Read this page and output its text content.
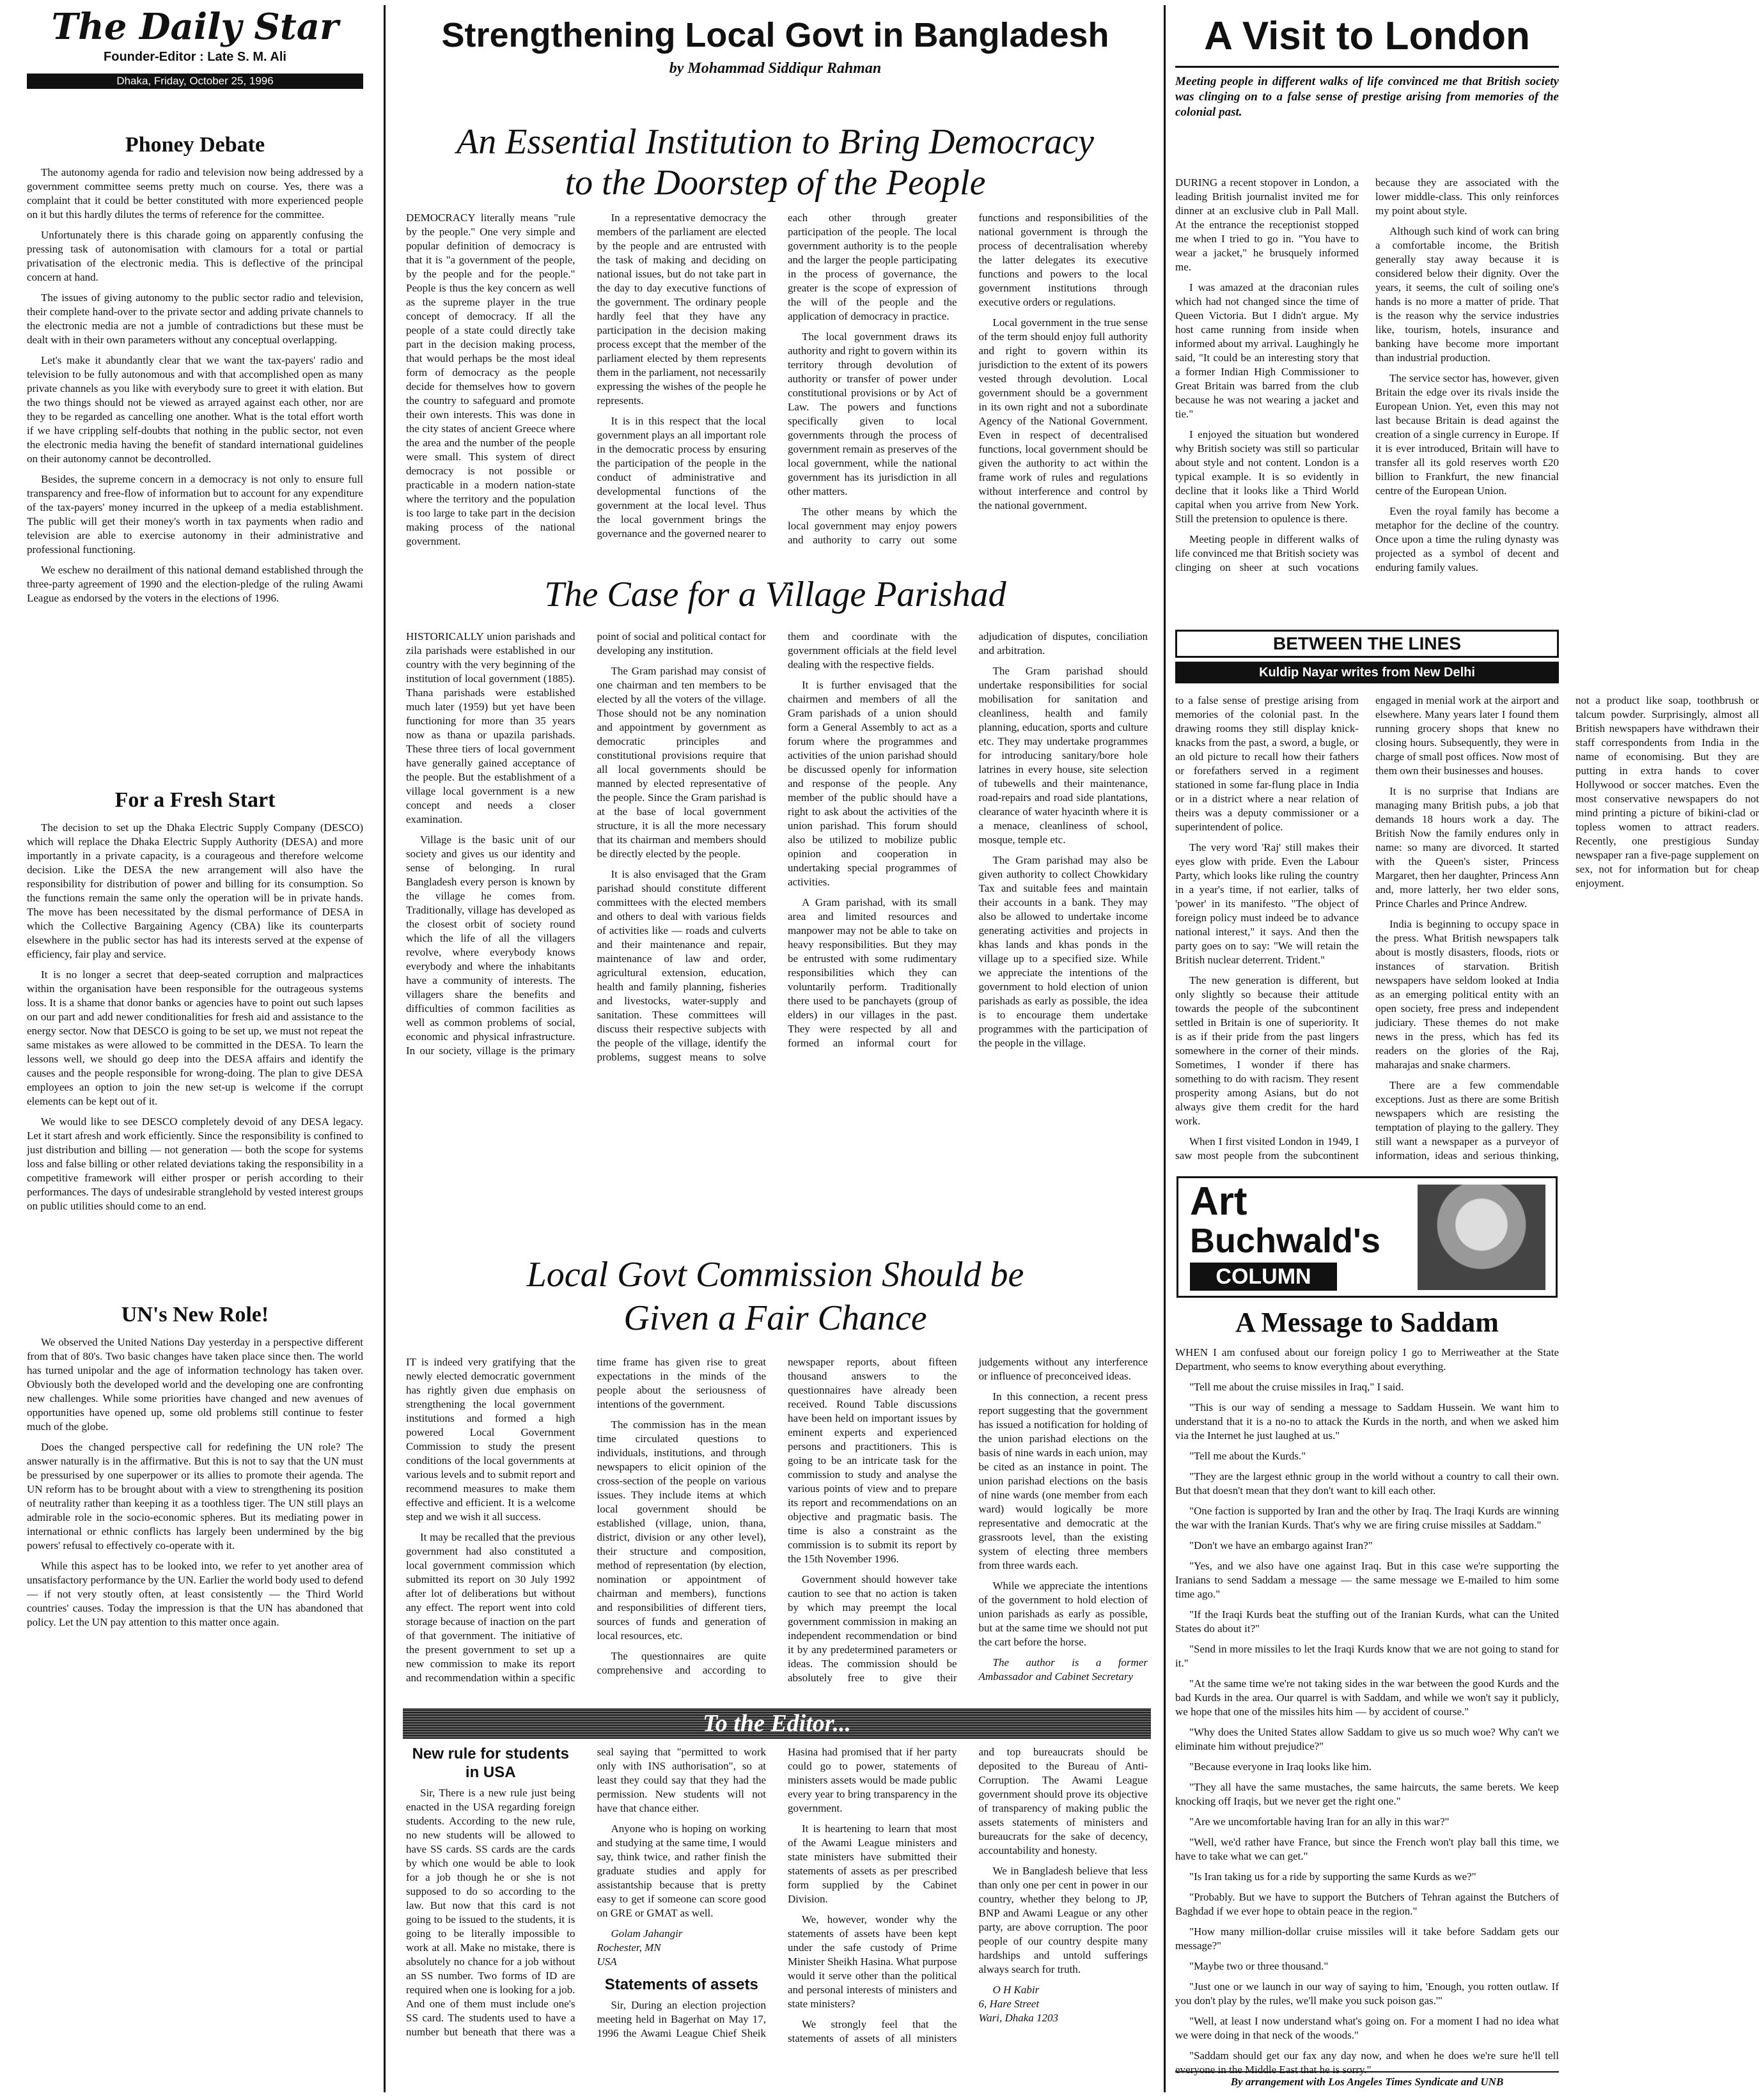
The Daily Star
Founder-Editor : Late S. M. Ali
Dhaka, Friday, October 25, 1996
Phoney Debate

The autonomy agenda for radio and television now being addressed by a government committee seems pretty much on course. Yes, there was a complaint that it could be better constituted with more experienced people on it but this hardly dilutes the terms of reference for the committee.

Unfortunately there is this charade going on apparently confusing the pressing task of autonomisation with clamours for a total or partial privatisation of the electronic media. This is deflective of the principal concern at hand.

The issues of giving autonomy to the public sector radio and television, their complete hand-over to the private sector and adding private channels to the electronic media are not a jumble of contradictions but these must be dealt with in their own parameters without any conceptual overlapping.

Let's make it abundantly clear that we want the tax-payers' radio and television to be fully autonomous and with that accomplished open as many private channels as you like with everybody sure to greet it with elation. But the two things should not be viewed as arrayed against each other, nor are they to be regarded as cancelling one another. What is the total effort worth if we have crippling self-doubts that nothing in the public sector, not even the electronic media having the benefit of standard international guidelines on their autonomy cannot be decontrolled.

Besides, the supreme concern in a democracy is not only to ensure full transparency and free-flow of information but to account for any expenditure of the tax-payers' money incurred in the upkeep of a media establishment. The public will get their money's worth in tax payments when radio and television are able to exercise autonomy in their administrative and professional functioning.

We eschew no derailment of this national demand established through the three-party agreement of 1990 and the election-pledge of the ruling Awami League as endorsed by the voters in the elections of 1996.

For a Fresh Start

The decision to set up the Dhaka Electric Supply Company (DESCO) which will replace the Dhaka Electric Supply Authority (DESA) and more importantly in a private capacity, is a courageous and therefore welcome decision. Like the DESA the new arrangement will also have the responsibility for distribution of power and billing for its consumption. So the functions remain the same only the operation will be in private hands. The move has been necessitated by the dismal performance of DESA in which the Collective Bargaining Agency (CBA) like its counterparts elsewhere in the public sector has had its interests served at the expense of efficiency, fair play and service.

It is no longer a secret that deep-seated corruption and malpractices within the organisation have been responsible for the outrageous systems loss. It is a shame that donor banks or agencies have to point out such lapses on our part and add newer conditionalities for fresh aid and assistance to the energy sector. Now that DESCO is going to be set up, we must not repeat the same mistakes as were allowed to be committed in the DESA. To learn the lessons well, we should go deep into the DESA affairs and identify the causes and the people responsible for wrong-doing. The plan to give DESA employees an option to join the new set-up is welcome if the corrupt elements can be kept out of it.

We would like to see DESCO completely devoid of any DESA legacy. Let it start afresh and work efficiently. Since the responsibility is confined to just distribution and billing — not generation — both the scope for systems loss and false billing or other related deviations taking the responsibility in a competitive framework will either prosper or perish according to their performances. The days of undesirable stranglehold by vested interest groups on public utilities should come to an end.

UN's New Role!

We observed the United Nations Day yesterday in a perspective different from that of 80's. Two basic changes have taken place since then. The world has turned unipolar and the age of information technology has taken over. Obviously both the developed world and the developing one are confronting new challenges. While some priorities have changed and new avenues of opportunities have opened up, some old problems still continue to fester much of the globe.

Does the changed perspective call for redefining the UN role? The answer naturally is in the affirmative. But this is not to say that the UN must be pressurised by one superpower or its allies to promote their agenda. The UN reform has to be brought about with a view to strengthening its position of neutrality rather than keeping it as a toothless tiger. The UN still plays an admirable role in the socio-economic spheres. But its mediating power in international or ethnic conflicts has largely been undermined by the big powers' refusal to effectively co-operate with it.

While this aspect has to be looked into, we refer to yet another area of unsatisfactory performance by the UN. Earlier the world body used to defend — if not very stoutly often, at least consistently — the Third World countries' causes. Today the impression is that the UN has abandoned that policy. Let the UN pay attention to this matter once again.

Strengthening Local Govt in Bangladesh
by Mohammad Siddiqur Rahman
An Essential Institution to Bring Democracy
to the Doorstep of the People

DEMOCRACY literally means "rule by the people." One very simple and popular definition of democracy is that it is "a government of the people, by the people and for the people." People is thus the key concern as well as the supreme player in the true concept of democracy. If all the people of a state could directly take part in the decision making process, that would perhaps be the most ideal form of democracy as the people decide for themselves how to govern the country to safeguard and promote their own interests. This was done in the city states of ancient Greece where the area and the number of the people were small. This system of direct democracy is not possible or practicable in a modern nation-state where the territory and the population is too large to take part in the decision making process of the national government.

In a representative democracy the members of the parliament are elected by the people and are entrusted with the task of making and deciding on national issues, but do not take part in the day to day executive functions of the government. The ordinary people hardly feel that they have any participation in the decision making process except that the member of the parliament elected by them represents them in the parliament, not necessarily expressing the wishes of the people he represents.

It is in this respect that the local government plays an all important role in the democratic process by ensuring the participation of the people in the conduct of administrative and developmental functions of the government at the local level. Thus the local government brings the governance and the governed nearer to each other through greater participation of the people. The local government authority is to the people and the larger the people participating in the process of governance, the greater is the scope of expression of the will of the people and the application of democracy in practice.

The local government draws its authority and right to govern within its territory through devolution of authority or transfer of power under constitutional provisions or by Act of Law. The powers and functions specifically given to local governments through the process of government remain as preserves of the local government, while the national government has its jurisdiction in all other matters.

The other means by which the local government may enjoy powers and authority to carry out some functions and responsibilities of the national government is through the process of decentralisation whereby the latter delegates its executive functions and powers to the local government institutions through executive orders or regulations.

Local government in the true sense of the term should enjoy full authority and right to govern within its jurisdiction to the extent of its powers vested through devolution. Local government should be a government in its own right and not a subordinate Agency of the National Government. Even in respect of decentralised functions, local government should be given the authority to act within the frame work of rules and regulations without interference and control by the national government.

The Case for a Village Parishad

HISTORICALLY union parishads and zila parishads were established in our country with the very beginning of the institution of local government (1885). Thana parishads were established much later (1959) but yet have been functioning for more than 35 years now as thana or upazila parishads. These three tiers of local government have generally gained acceptance of the people. But the establishment of a village local government is a new concept and needs a closer examination.

Village is the basic unit of our society and gives us our identity and sense of belonging. In rural Bangladesh every person is known by the village he comes from. Traditionally, village has developed as the closest orbit of society round which the life of all the villagers revolve, where everybody knows everybody and where the inhabitants have a community of interests. The villagers share the benefits and difficulties of common facilities as well as common problems of social, economic and physical infrastructure. In our society, village is the primary point of social and political contact for developing any institution.

The Gram parishad may consist of one chairman and ten members to be elected by all the voters of the village. Those should not be any nomination and appointment by government as democratic principles and constitutional provisions require that all local governments should be manned by elected representative of the people. Since the Gram parishad is at the base of local government structure, it is all the more necessary that its chairman and members should be directly elected by the people.

It is also envisaged that the Gram parishad should constitute different committees with the elected members and others to deal with various fields of activities like — roads and culverts and their maintenance and repair, maintenance of law and order, agricultural extension, education, health and family planning, fisheries and livestocks, water-supply and sanitation. These committees will discuss their respective subjects with the people of the village, identify the problems, suggest means to solve them and coordinate with the government officials at the field level dealing with the respective fields.

It is further envisaged that the chairmen and members of all the Gram parishads of a union should form a General Assembly to act as a forum where the programmes and activities of the union parishad should be discussed openly for information and response of the people. Any member of the public should have a right to ask about the activities of the union parishad. This forum should also be utilized to mobilize public opinion and cooperation in undertaking special programmes of activities.

A Gram parishad, with its small area and limited resources and manpower may not be able to take on heavy responsibilities. But they may be entrusted with some rudimentary responsibilities which they can voluntarily perform. Traditionally there used to be panchayets (group of elders) in our villages in the past. They were respected by all and formed an informal court for adjudication of disputes, conciliation and arbitration.

The Gram parishad should undertake responsibilities for social mobilisation for sanitation and cleanliness, health and family planning, education, sports and culture etc. They may undertake programmes for introducing sanitary/bore hole latrines in every house, site selection of tubewells and their maintenance, road-repairs and road side plantations, clearance of water hyacinth where it is a menace, cleanliness of school, mosque, temple etc.

The Gram parishad may also be given authority to collect Chowkidary Tax and suitable fees and maintain their accounts in a bank. They may also be allowed to undertake income generating activities and projects in khas lands and khas ponds in the village up to a specified size. While we appreciate the intentions of the government to hold election of union parishads as early as possible, the idea is to encourage them undertake programmes with the participation of the people in the village.

Local Govt Commission Should be
Given a Fair Chance

IT is indeed very gratifying that the newly elected democratic government has rightly given due emphasis on strengthening the local government institutions and formed a high powered Local Government Commission to study the present conditions of the local governments at various levels and to submit report and recommend measures to make them effective and efficient. It is a welcome step and we wish it all success.

It may be recalled that the previous government had also constituted a local government commission which submitted its report on 30 July 1992 after lot of deliberations but without any effect. The report went into cold storage because of inaction on the part of that government. The initiative of the present government to set up a new commission to make its report and recommendation within a specific time frame has given rise to great expectations in the minds of the people about the seriousness of intentions of the government.

The commission has in the mean time circulated questions to individuals, institutions, and through newspapers to elicit opinion of the cross-section of the people on various issues. They include items at which local government should be established (village, union, thana, district, division or any other level), their structure and composition, method of representation (by election, nomination or appointment of chairman and members), functions and responsibilities of different tiers, sources of funds and generation of local resources, etc.

The questionnaires are quite comprehensive and according to newspaper reports, about fifteen thousand answers to the questionnaires have already been received. Round Table discussions have been held on important issues by eminent experts and experienced persons and practitioners. This is going to be an intricate task for the commission to study and analyse the various points of view and to prepare its report and recommendations on an objective and pragmatic basis. The time is also a constraint as the commission is to submit its report by the 15th November 1996.

Government should however take caution to see that no action is taken by which may preempt the local government commission in making an independent recommendation or bind it by any predetermined parameters or ideas. The commission should be absolutely free to give their judgements without any interference or influence of preconceived ideas.

In this connection, a recent press report suggesting that the government has issued a notification for holding of the union parishad elections on the basis of nine wards in each union, may be cited as an instance in point. The union parishad elections on the basis of nine wards (one member from each ward) would logically be more representative and democratic at the grassroots level, than the existing system of electing three members from three wards each.

While we appreciate the intentions of the government to hold election of union parishads as early as possible, but at the same time we should not put the cart before the horse.

The author is a former Ambassador and Cabinet Secretary

To the Editor...
New rule for students
in USA

Sir, There is a new rule just being enacted in the USA regarding foreign students. According to the new rule, no new students will be allowed to have SS cards. SS cards are the cards by which one would be able to look for a job though he or she is not supposed to do so according to the law. But now that this card is not going to be issued to the students, it is going to be literally impossible to work at all. Make no mistake, there is absolutely no chance for a job without an SS number. Two forms of ID are required when one is looking for a job. And one of them must include one's SS card. The students used to have a number but beneath that there was a seal saying that "permitted to work only with INS authorisation", so at least they could say that they had the permission. New students will not have that chance either.

Anyone who is hoping on working and studying at the same time, I would say, think twice, and rather finish the graduate studies and apply for assistantship because that is pretty easy to get if someone can score good on GRE or GMAT as well.

Golam Jahangir
Rochester, MN
USA

Statements of assets

Sir, During an election projection meeting held in Bagerhat on May 17, 1996 the Awami League Chief Sheik Hasina had promised that if her party could go to power, statements of ministers assets would be made public every year to bring transparency in the government.

It is heartening to learn that most of the Awami League ministers and state ministers have submitted their statements of assets as per prescribed form supplied by the Cabinet Division.

We, however, wonder why the statements of assets have been kept under the safe custody of Prime Minister Sheikh Hasina. What purpose would it serve other than the political and personal interests of ministers and state ministers?

We strongly feel that the statements of assets of all ministers and top bureaucrats should be deposited to the Bureau of Anti-Corruption. The Awami League government should prove its objective of transparency of making public the assets statements of ministers and bureaucrats for the sake of decency, accountability and honesty.

We in Bangladesh believe that less than only one per cent in power in our country, whether they belong to JP, BNP and Awami League or any other party, are above corruption. The poor people of our country despite many hardships and untold sufferings always search for truth.

O H Kabir
6, Hare Street
Wari, Dhaka 1203

A Visit to London
Meeting people in different walks of life convinced me that British society was clinging on to a false sense of prestige arising from memories of the colonial past.

DURING a recent stopover in London, a leading British journalist invited me for dinner at an exclusive club in Pall Mall. At the entrance the receptionist stopped me when I tried to go in. "You have to wear a jacket," he brusquely informed me.

I was amazed at the draconian rules which had not changed since the time of Queen Victoria. But I didn't argue. My host came running from inside when informed about my arrival. Laughingly he said, "It could be an interesting story that a former Indian High Commissioner to Great Britain was barred from the club because he was not wearing a jacket and tie."

I enjoyed the situation but wondered why British society was still so particular about style and not content. London is a typical example. It is so evidently in decline that it looks like a Third World capital when you arrive from New York. Still the pretension to opulence is there.

Meeting people in different walks of life convinced me that British society was clinging on sheer at such vocations because they are associated with the lower middle-class. This only reinforces my point about style.

Although such kind of work can bring a comfortable income, the British generally stay away because it is considered below their dignity. Over the years, it seems, the cult of soiling one's hands is no more a matter of pride. That is the reason why the service industries like, tourism, hotels, insurance and banking have become more important than industrial production.

The service sector has, however, given Britain the edge over its rivals inside the European Union. Yet, even this may not last because Britain is dead against the creation of a single currency in Europe. If it is ever introduced, Britain will have to transfer all its gold reserves worth £20 billion to Frankfurt, the new financial centre of the European Union.

Even the royal family has become a metaphor for the decline of the country. Once upon a time the ruling dynasty was projected as a symbol of decent and enduring family values.

BETWEEN THE LINES
Kuldip Nayar writes from New Delhi

to a false sense of prestige arising from memories of the colonial past. In the drawing rooms they still display knick-knacks from the past, a sword, a bugle, or an old picture to recall how their fathers or forefathers served in a regiment stationed in some far-flung place in India or in a district where a near relation of theirs was a deputy commissioner or a superintendent of police.

The very word 'Raj' still makes their eyes glow with pride. Even the Labour Party, which looks like ruling the country in a year's time, if not earlier, talks of 'power' in its manifesto. "The object of foreign policy must indeed be to advance national interest," it says. And then the party goes on to say: "We will retain the British nuclear deterrent. Trident."

The new generation is different, but only slightly so because their attitude towards the people of the subcontinent settled in Britain is one of superiority. It is as if their pride from the past lingers somewhere in the corner of their minds. Sometimes, I wonder if there has something to do with racism. They resent prosperity among Asians, but do not always give them credit for the hard work.

When I first visited London in 1949, I saw most people from the subcontinent engaged in menial work at the airport and elsewhere. Many years later I found them running grocery shops that knew no closing hours. Subsequently, they were in charge of small post offices. Now most of them own their businesses and houses.

It is no surprise that Indians are managing many British pubs, a job that demands 18 hours work a day. The British Now the family endures only in name: so many are divorced. It started with the Queen's sister, Princess Margaret, then her daughter, Princess Ann and, more latterly, her two elder sons, Prince Charles and Prince Andrew.

India is beginning to occupy space in the press. What British newspapers talk about is mostly disasters, floods, riots or instances of starvation. British newspapers have seldom looked at India as an emerging political entity with an open society, free press and independent judiciary. These themes do not make news in the press, which has fed its readers on the glories of the Raj, maharajas and snake charmers.

There are a few commendable exceptions. Just as there are some British newspapers which are resisting the temptation of playing to the gallery. They still want a newspaper as a purveyor of information, ideas and serious thinking, not a product like soap, toothbrush or talcum powder. Surprisingly, almost all British newspapers have withdrawn their staff correspondents from India in the name of economising. But they are putting in extra hands to cover Hollywood or soccer matches. Even the most conservative newspapers do not mind printing a picture of bikini-clad or topless women to attract readers. Recently, one prestigious Sunday newspaper ran a five-page supplement on sex, not for information but for cheap enjoyment.

Art
Buchwald's
COLUMN
A Message to Saddam

WHEN I am confused about our foreign policy I go to Merriweather at the State Department, who seems to know everything about everything.

"Tell me about the cruise missiles in Iraq," I said.

"This is our way of sending a message to Saddam Hussein. We want him to understand that it is a no-no to attack the Kurds in the north, and when we asked him via the Internet he just laughed at us."

"Tell me about the Kurds."

"They are the largest ethnic group in the world without a country to call their own. But that doesn't mean that they don't want to kill each other.

"One faction is supported by Iran and the other by Iraq. The Iraqi Kurds are winning the war with the Iranian Kurds. That's why we are firing cruise missiles at Saddam."

"Don't we have an embargo against Iran?"

"Yes, and we also have one against Iraq. But in this case we're supporting the Iranians to send Saddam a message — the same message we E-mailed to him some time ago."

"If the Iraqi Kurds beat the stuffing out of the Iranian Kurds, what can the United States do about it?"

"Send in more missiles to let the Iraqi Kurds know that we are not going to stand for it."

"At the same time we're not taking sides in the war between the good Kurds and the bad Kurds in the area. Our quarrel is with Saddam, and while we won't say it publicly, we hope that one of the missiles hits him — by accident of course."

"Why does the United States allow Saddam to give us so much woe? Why can't we eliminate him without prejudice?"

"Because everyone in Iraq looks like him.

"They all have the same mustaches, the same haircuts, the same berets. We keep knocking off Iraqis, but we never get the right one."

"Are we uncomfortable having Iran for an ally in this war?"

"Well, we'd rather have France, but since the French won't play ball this time, we have to take what we can get."

"Is Iran taking us for a ride by supporting the same Kurds as we?"

"Probably. But we have to support the Butchers of Tehran against the Butchers of Baghdad if we ever hope to obtain peace in the region."

"How many million-dollar cruise missiles will it take before Saddam gets our message?"

"Maybe two or three thousand."

"Just one or we launch in our way of saying to him, 'Enough, you rotten outlaw. If you don't play by the rules, we'll make you suck poison gas.'"

"Well, at least I now understand what's going on. For a moment I had no idea what we were doing in that neck of the woods."

"Saddam should get our fax any day now, and when he does we're sure he'll tell everyone in the Middle East that he is sorry."

By arrangement with Los Angeles Times Syndicate and UNB
